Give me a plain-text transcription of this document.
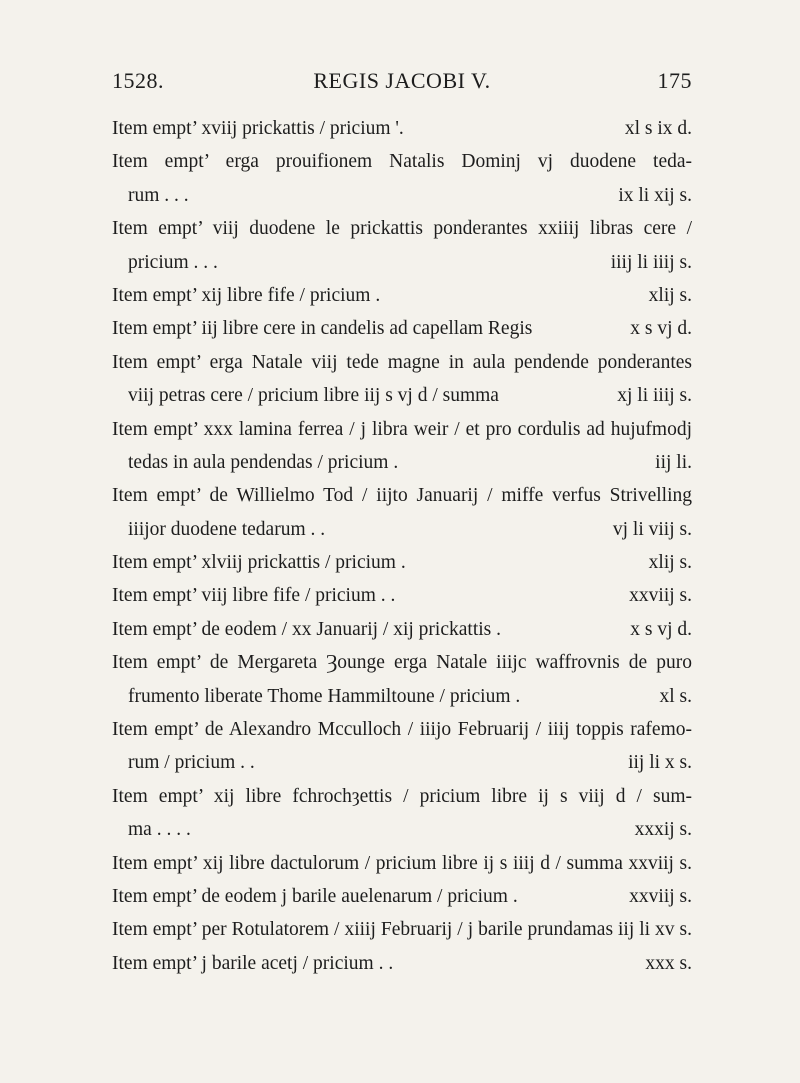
1528.	REGIS JACOBI V.	175
Item empt’ xviij prickattis / pricium '.	xl s ix d.
Item empt’ erga prouifionem Natalis Dominj vj duodene teda-
rum . . .	ix li xij s.
Item empt’ viij duodene le prickattis ponderantes xxiiij libras cere /
pricium . . .	iiij li iiij s.
Item empt’ xij libre fife / pricium .	xlij s.
Item empt’ iij libre cere in candelis ad capellam Regis	x s vj d.
Item empt’ erga Natale viij tede magne in aula pendende ponderantes
viij petras cere / pricium libre iij s vj d / summa	xj li iiij s.
Item empt’ xxx lamina ferrea / j libra weir / et pro cordulis ad hujufmodj
tedas in aula pendendas / pricium .	iij li.
Item empt’ de Willielmo Tod / iijto Januarij / miffe verfus Strivelling
iiijor duodene tedarum . .	vj li viij s.
Item empt’ xlviij prickattis / pricium .	xlij s.
Item empt’ viij libre fife / pricium . .	xxviij s.
Item empt’ de eodem / xx Januarij / xij prickattis .	x s vj d.
Item empt’ de Mergareta Ȝounge erga Natale iiijc waffrovnis de puro
frumento liberate Thome Hammiltoune / pricium .	xl s.
Item empt’ de Alexandro Mcculloch / iiijo Februarij / iiij toppis rafemo-
rum / pricium . .	iij li x s.
Item empt’ xij libre fchrochȝettis / pricium libre ij s viij d / sum-
ma . . . .	xxxij s.
Item empt’ xij libre dactulorum / pricium libre ij s iiij d / summa xxviij s.
Item empt’ de eodem j barile auelenarum / pricium .	xxviij s.
Item empt’ per Rotulatorem / xiiij Februarij / j barile prundamas iij li xv s.
Item empt’ j barile acetj / pricium . .	xxx s.
